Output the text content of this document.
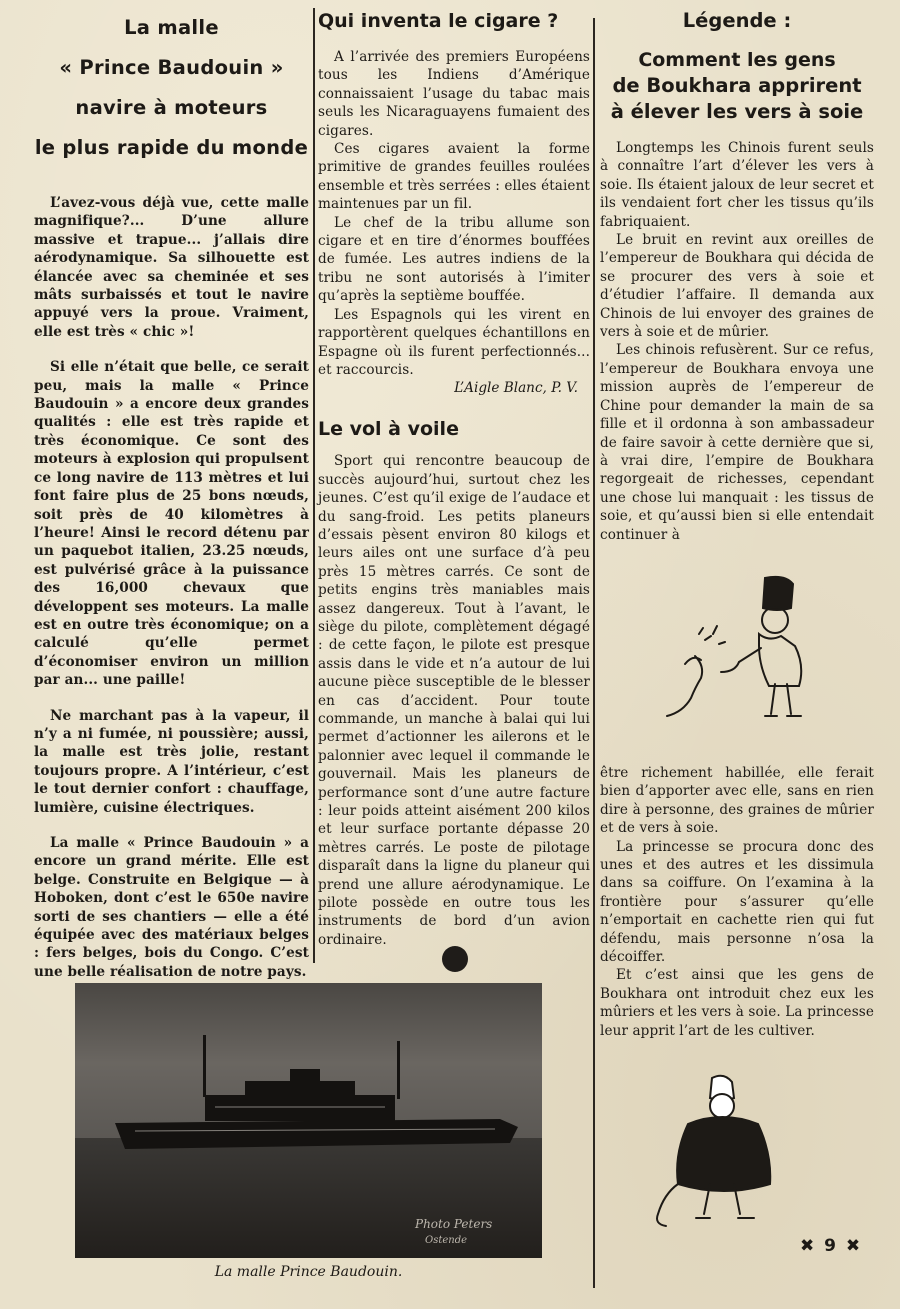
La malle
« Prince Baudouin »
navire à moteurs
le plus rapide du monde

L’avez-vous déjà vue, cette malle magnifique?... D’une allure massive et trapue... j’allais dire aérodynamique. Sa silhouette est élancée avec sa cheminée et ses mâts surbaissés et tout le navire appuyé vers la proue. Vraiment, elle est très « chic »!

Si elle n’était que belle, ce serait peu, mais la malle « Prince Baudouin » a encore deux grandes qualités : elle est très rapide et très économique. Ce sont des moteurs à explosion qui propulsent ce long navire de 113 mètres et lui font faire plus de 25 bons nœuds, soit près de 40 kilomètres à l’heure! Ainsi le record détenu par un paquebot italien, 23.25 nœuds, est pulvérisé grâce à la puissance des 16,000 chevaux que développent ses moteurs. La malle est en outre très économique; on a calculé qu’elle permet d’économiser environ un million par an... une paille!

Ne marchant pas à la vapeur, il n’y a ni fumée, ni poussière; aussi, la malle est très jolie, restant toujours propre. A l’intérieur, c’est le tout dernier confort : chauffage, lumière, cuisine électriques.

La malle « Prince Baudouin » a encore un grand mérite. Elle est belge. Construite en Belgique — à Hoboken, dont c’est le 650e navire sorti de ses chantiers — elle a été équipée avec des matériaux belges : fers belges, bois du Congo. C’est une belle réalisation de notre pays.

Qui inventa le cigare ?

A l’arrivée des premiers Européens tous les Indiens d’Amérique connaissaient l’usage du tabac mais seuls les Nicaraguayens fumaient des cigares.

Ces cigares avaient la forme primitive de grandes feuilles roulées ensemble et très serrées : elles étaient maintenues par un fil.

Le chef de la tribu allume son cigare et en tire d’énormes bouffées de fumée. Les autres indiens de la tribu ne sont autorisés à l’imiter qu’après la septième bouffée.

Les Espagnols qui les virent en rapportèrent quelques échantillons en Espagne où ils furent perfectionnés... et raccourcis.

L’Aigle Blanc, P. V.
Le vol à voile

Sport qui rencontre beaucoup de succès aujourd’hui, surtout chez les jeunes. C’est qu’il exige de l’audace et du sang-froid. Les petits planeurs d’essais pèsent environ 80 kilogs et leurs ailes ont une surface d’à peu près 15 mètres carrés. Ce sont de petits engins très maniables mais assez dangereux. Tout à l’avant, le siège du pilote, complètement dégagé : de cette façon, le pilote est presque assis dans le vide et n’a autour de lui aucune pièce susceptible de le blesser en cas d’accident. Pour toute commande, un manche à balai qui lui permet d’actionner les ailerons et le palonnier avec lequel il commande le gouvernail. Mais les planeurs de performance sont d’une autre facture : leur poids atteint aisément 200 kilos et leur surface portante dépasse 20 mètres carrés. Le poste de pilotage disparaît dans la ligne du planeur qui prend une allure aérodynamique. Le pilote possède en outre tous les instruments de bord d’un avion ordinaire.

Légende :
Comment les gens
de Boukhara apprirent
à élever les vers à soie

Longtemps les Chinois furent seuls à connaître l’art d’élever les vers à soie. Ils étaient jaloux de leur secret et ils vendaient fort cher les tissus qu’ils fabriquaient.

Le bruit en revint aux oreilles de l’empereur de Boukhara qui décida de se procurer des vers à soie et d’étudier l’affaire. Il demanda aux Chinois de lui envoyer des graines de vers à soie et de mûrier.

Les chinois refusèrent. Sur ce refus, l’empereur de Boukhara envoya une mission auprès de l’empereur de Chine pour demander la main de sa fille et il ordonna à son ambassadeur de faire savoir à cette dernière que si, à vrai dire, l’empire de Boukhara regorgeait de richesses, cependant une chose lui manquait : les tissus de soie, et qu’aussi bien si elle entendait continuer à

être richement habillée, elle ferait bien d’apporter avec elle, sans en rien dire à personne, des graines de mûrier et de vers à soie.

La princesse se procura donc des unes et des autres et les dissimula dans sa coiffure. On l’examina à la frontière pour s’assurer qu’elle n’emportait en cachette rien qui fut défendu, mais personne n’osa la décoiffer.

Et c’est ainsi que les gens de Boukhara ont introduit chez eux les mûriers et les vers à soie. La princesse leur apprit l’art de les cultiver.

Photo Peters
Ostende
La malle Prince Baudouin.
✖ 9 ✖
